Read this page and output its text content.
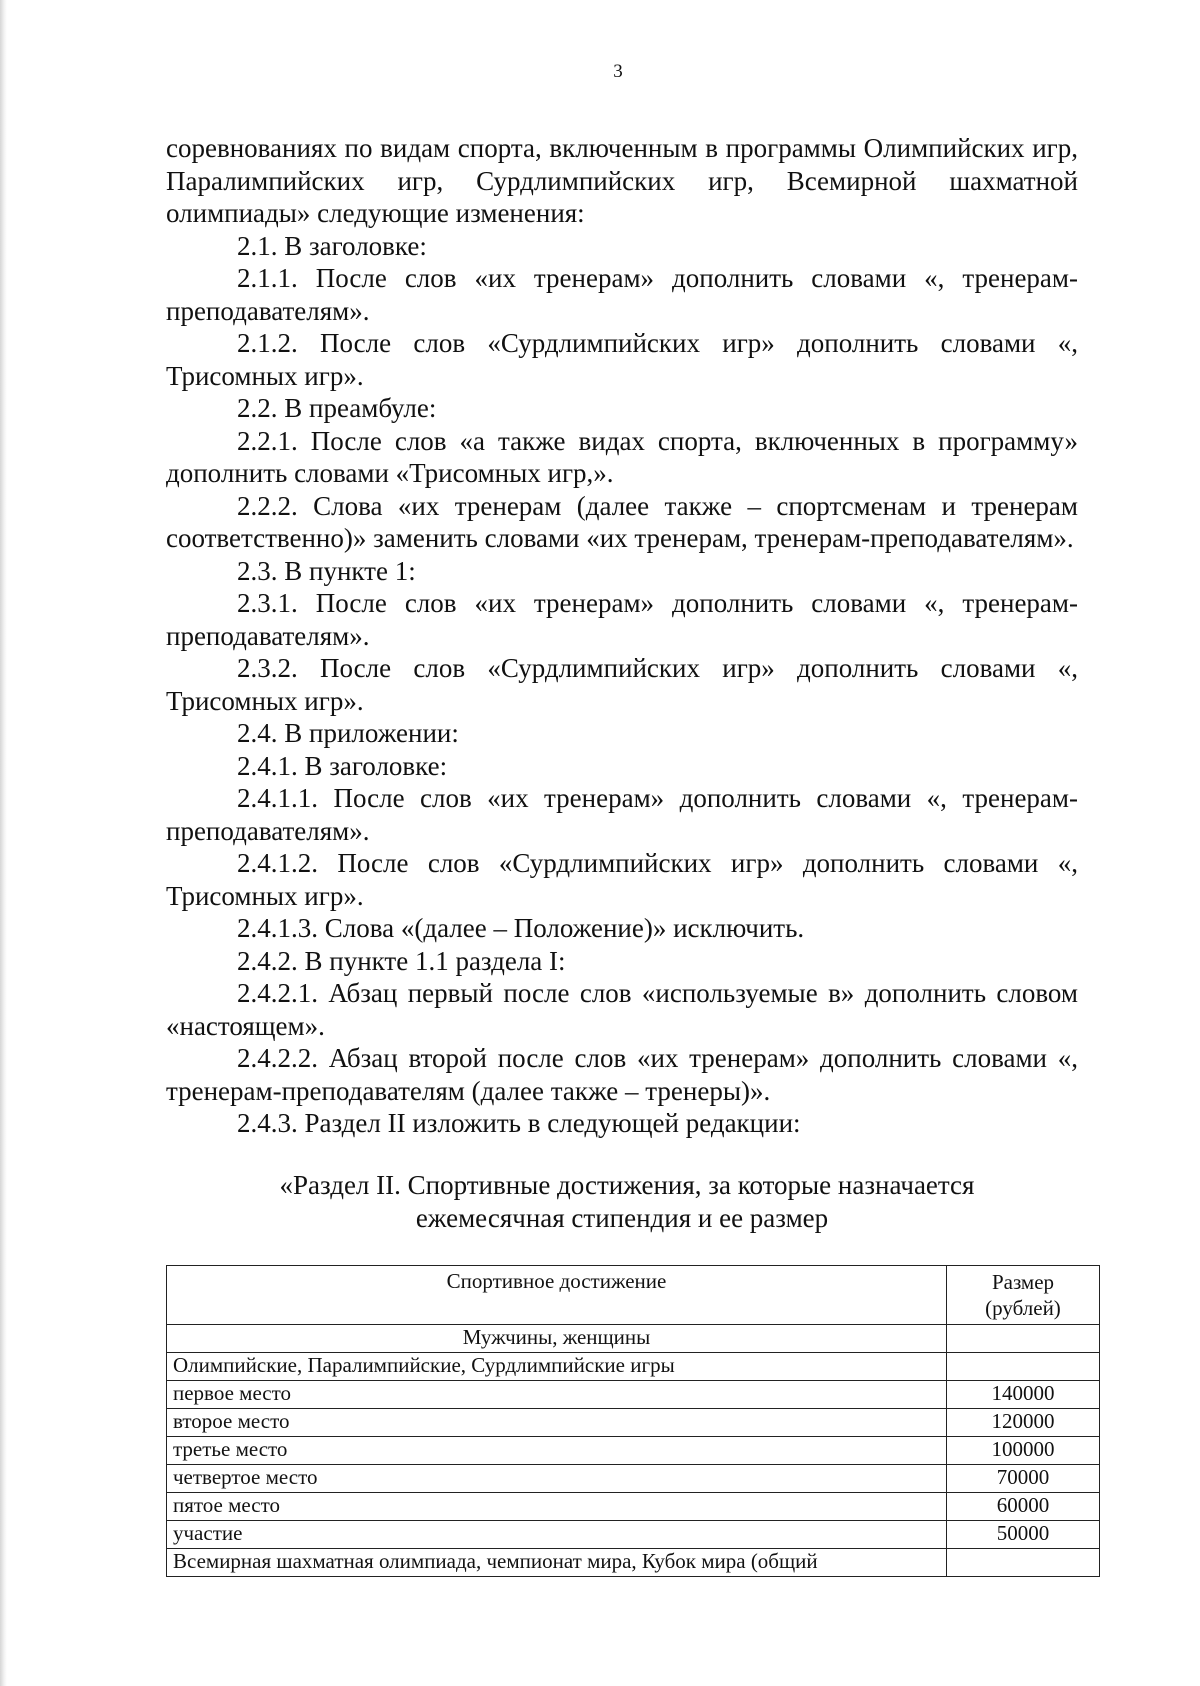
3

соревнованиях по видам спорта, включенным в программы Олимпийских игр, Паралимпийских игр, Сурдлимпийских игр, Всемирной шахматной олимпиады» следующие изменения:

2.1. В заголовке:

2.1.1. После слов «их тренерам» дополнить словами «, тренерам-преподавателям».

2.1.2. После слов «Сурдлимпийских игр» дополнить словами «, Трисомных игр».

2.2. В преамбуле:

2.2.1. После слов «а также видах спорта, включенных в программу» дополнить словами «Трисомных игр,».

2.2.2. Слова «их тренерам (далее также – спортсменам и тренерам соответственно)» заменить словами «их тренерам, тренерам-преподавателям».

2.3. В пункте 1:

2.3.1. После слов «их тренерам» дополнить словами «, тренерам-преподавателям».

2.3.2. После слов «Сурдлимпийских игр» дополнить словами «, Трисомных игр».

2.4. В приложении:

2.4.1. В заголовке:

2.4.1.1. После слов «их тренерам» дополнить словами «, тренерам-преподавателям».

2.4.1.2. После слов «Сурдлимпийских игр» дополнить словами «, Трисомных игр».

2.4.1.3. Слова «(далее – Положение)» исключить.

2.4.2. В пункте 1.1 раздела I:

2.4.2.1. Абзац первый после слов «используемые в» дополнить словом «настоящем».

2.4.2.2. Абзац второй после слов «их тренерам» дополнить словами «, тренерам-преподавателям (далее также – тренеры)».

2.4.3. Раздел II изложить в следующей редакции:

«Раздел II. Спортивные достижения, за которые назначается
ежемесячная стипендия и ее размер
Спортивное достижение	Размер (рублей)
Мужчины, женщины	
Олимпийские, Паралимпийские, Сурдлимпийские игры	
первое место	140000
второе место	120000
третье место	100000
четвертое место	70000
пятое место	60000
участие	50000
Всемирная шахматная олимпиада, чемпионат мира, Кубок мира (общий	
